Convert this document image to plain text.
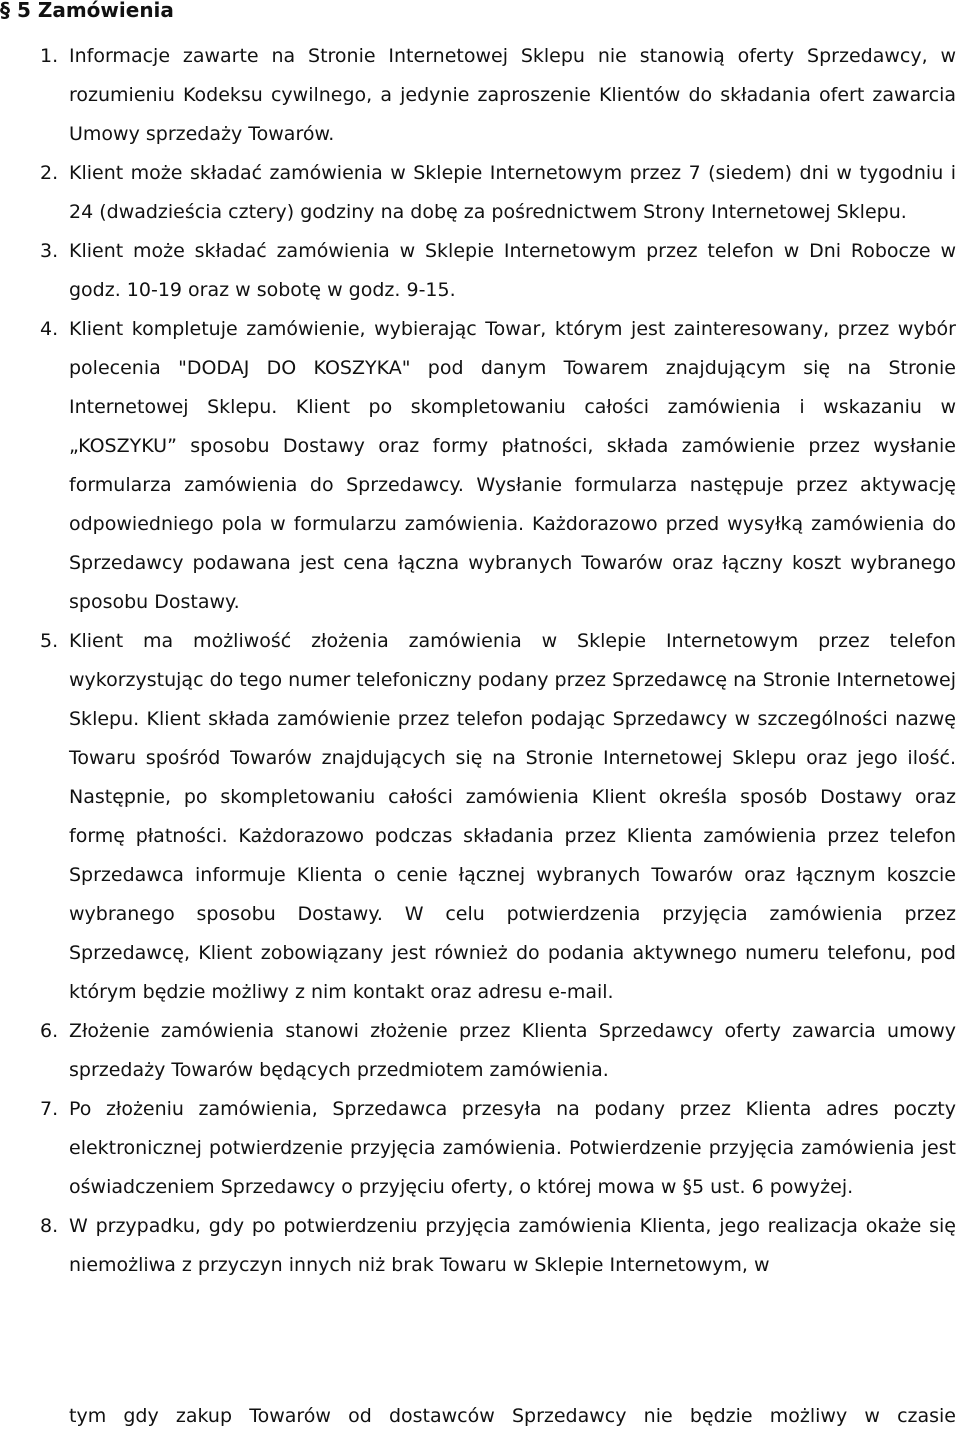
§ 5 Zamówienia
1. Informacje zawarte na Stronie Internetowej Sklepu nie stanowią oferty Sprzedawcy, w rozumieniu Kodeksu cywilnego, a jedynie zaproszenie Klientów do składania ofert zawarcia Umowy sprzedaży Towarów.
2. Klient może składać zamówienia w Sklepie Internetowym przez 7 (siedem) dni w tygodniu i 24 (dwadzieścia cztery) godziny na dobę za pośrednictwem Strony Internetowej Sklepu.
3. Klient może składać zamówienia w Sklepie Internetowym przez telefon w Dni Robocze w godz. 10-19 oraz w sobotę w godz. 9-15.
4. Klient kompletuje zamówienie, wybierając Towar, którym jest zainteresowany, przez wybór polecenia "DODAJ DO KOSZYKA" pod danym Towarem znajdującym się na Stronie Internetowej Sklepu. Klient po skompletowaniu całości zamówienia i wskazaniu w „KOSZYKU” sposobu Dostawy oraz formy płatności, składa zamówienie przez wysłanie formularza zamówienia do Sprzedawcy. Wysłanie formularza następuje przez aktywację odpowiedniego pola w formularzu zamówienia. Każdorazowo przed wysyłką zamówienia do Sprzedawcy podawana jest cena łączna wybranych Towarów oraz łączny koszt wybranego sposobu Dostawy.
5. Klient ma możliwość złożenia zamówienia w Sklepie Internetowym przez telefon wykorzystując do tego numer telefoniczny podany przez Sprzedawcę na Stronie Internetowej Sklepu. Klient składa zamówienie przez telefon podając Sprzedawcy w szczególności nazwę Towaru spośród Towarów znajdujących się na Stronie Internetowej Sklepu oraz jego ilość. Następnie, po skompletowaniu całości zamówienia Klient określa sposób Dostawy oraz formę płatności. Każdorazowo podczas składania przez Klienta zamówienia przez telefon Sprzedawca informuje Klienta o cenie łącznej wybranych Towarów oraz łącznym koszcie wybranego sposobu Dostawy. W celu potwierdzenia przyjęcia zamówienia przez Sprzedawcę, Klient zobowiązany jest również do podania aktywnego numeru telefonu, pod którym będzie możliwy z nim kontakt oraz adresu e-mail.
6. Złożenie zamówienia stanowi złożenie przez Klienta Sprzedawcy oferty zawarcia umowy sprzedaży Towarów będących przedmiotem zamówienia.
7. Po złożeniu zamówienia, Sprzedawca przesyła na podany przez Klienta adres poczty elektronicznej potwierdzenie przyjęcia zamówienia. Potwierdzenie przyjęcia zamówienia jest oświadczeniem Sprzedawcy o przyjęciu oferty, o której mowa w §5 ust. 6 powyżej.
8. W przypadku, gdy po potwierdzeniu przyjęcia zamówienia Klienta, jego realizacja okaże się niemożliwa z przyczyn innych niż brak Towaru w Sklepie Internetowym, w
tym gdy zakup Towarów od dostawców Sprzedawcy nie będzie możliwy w czasie
